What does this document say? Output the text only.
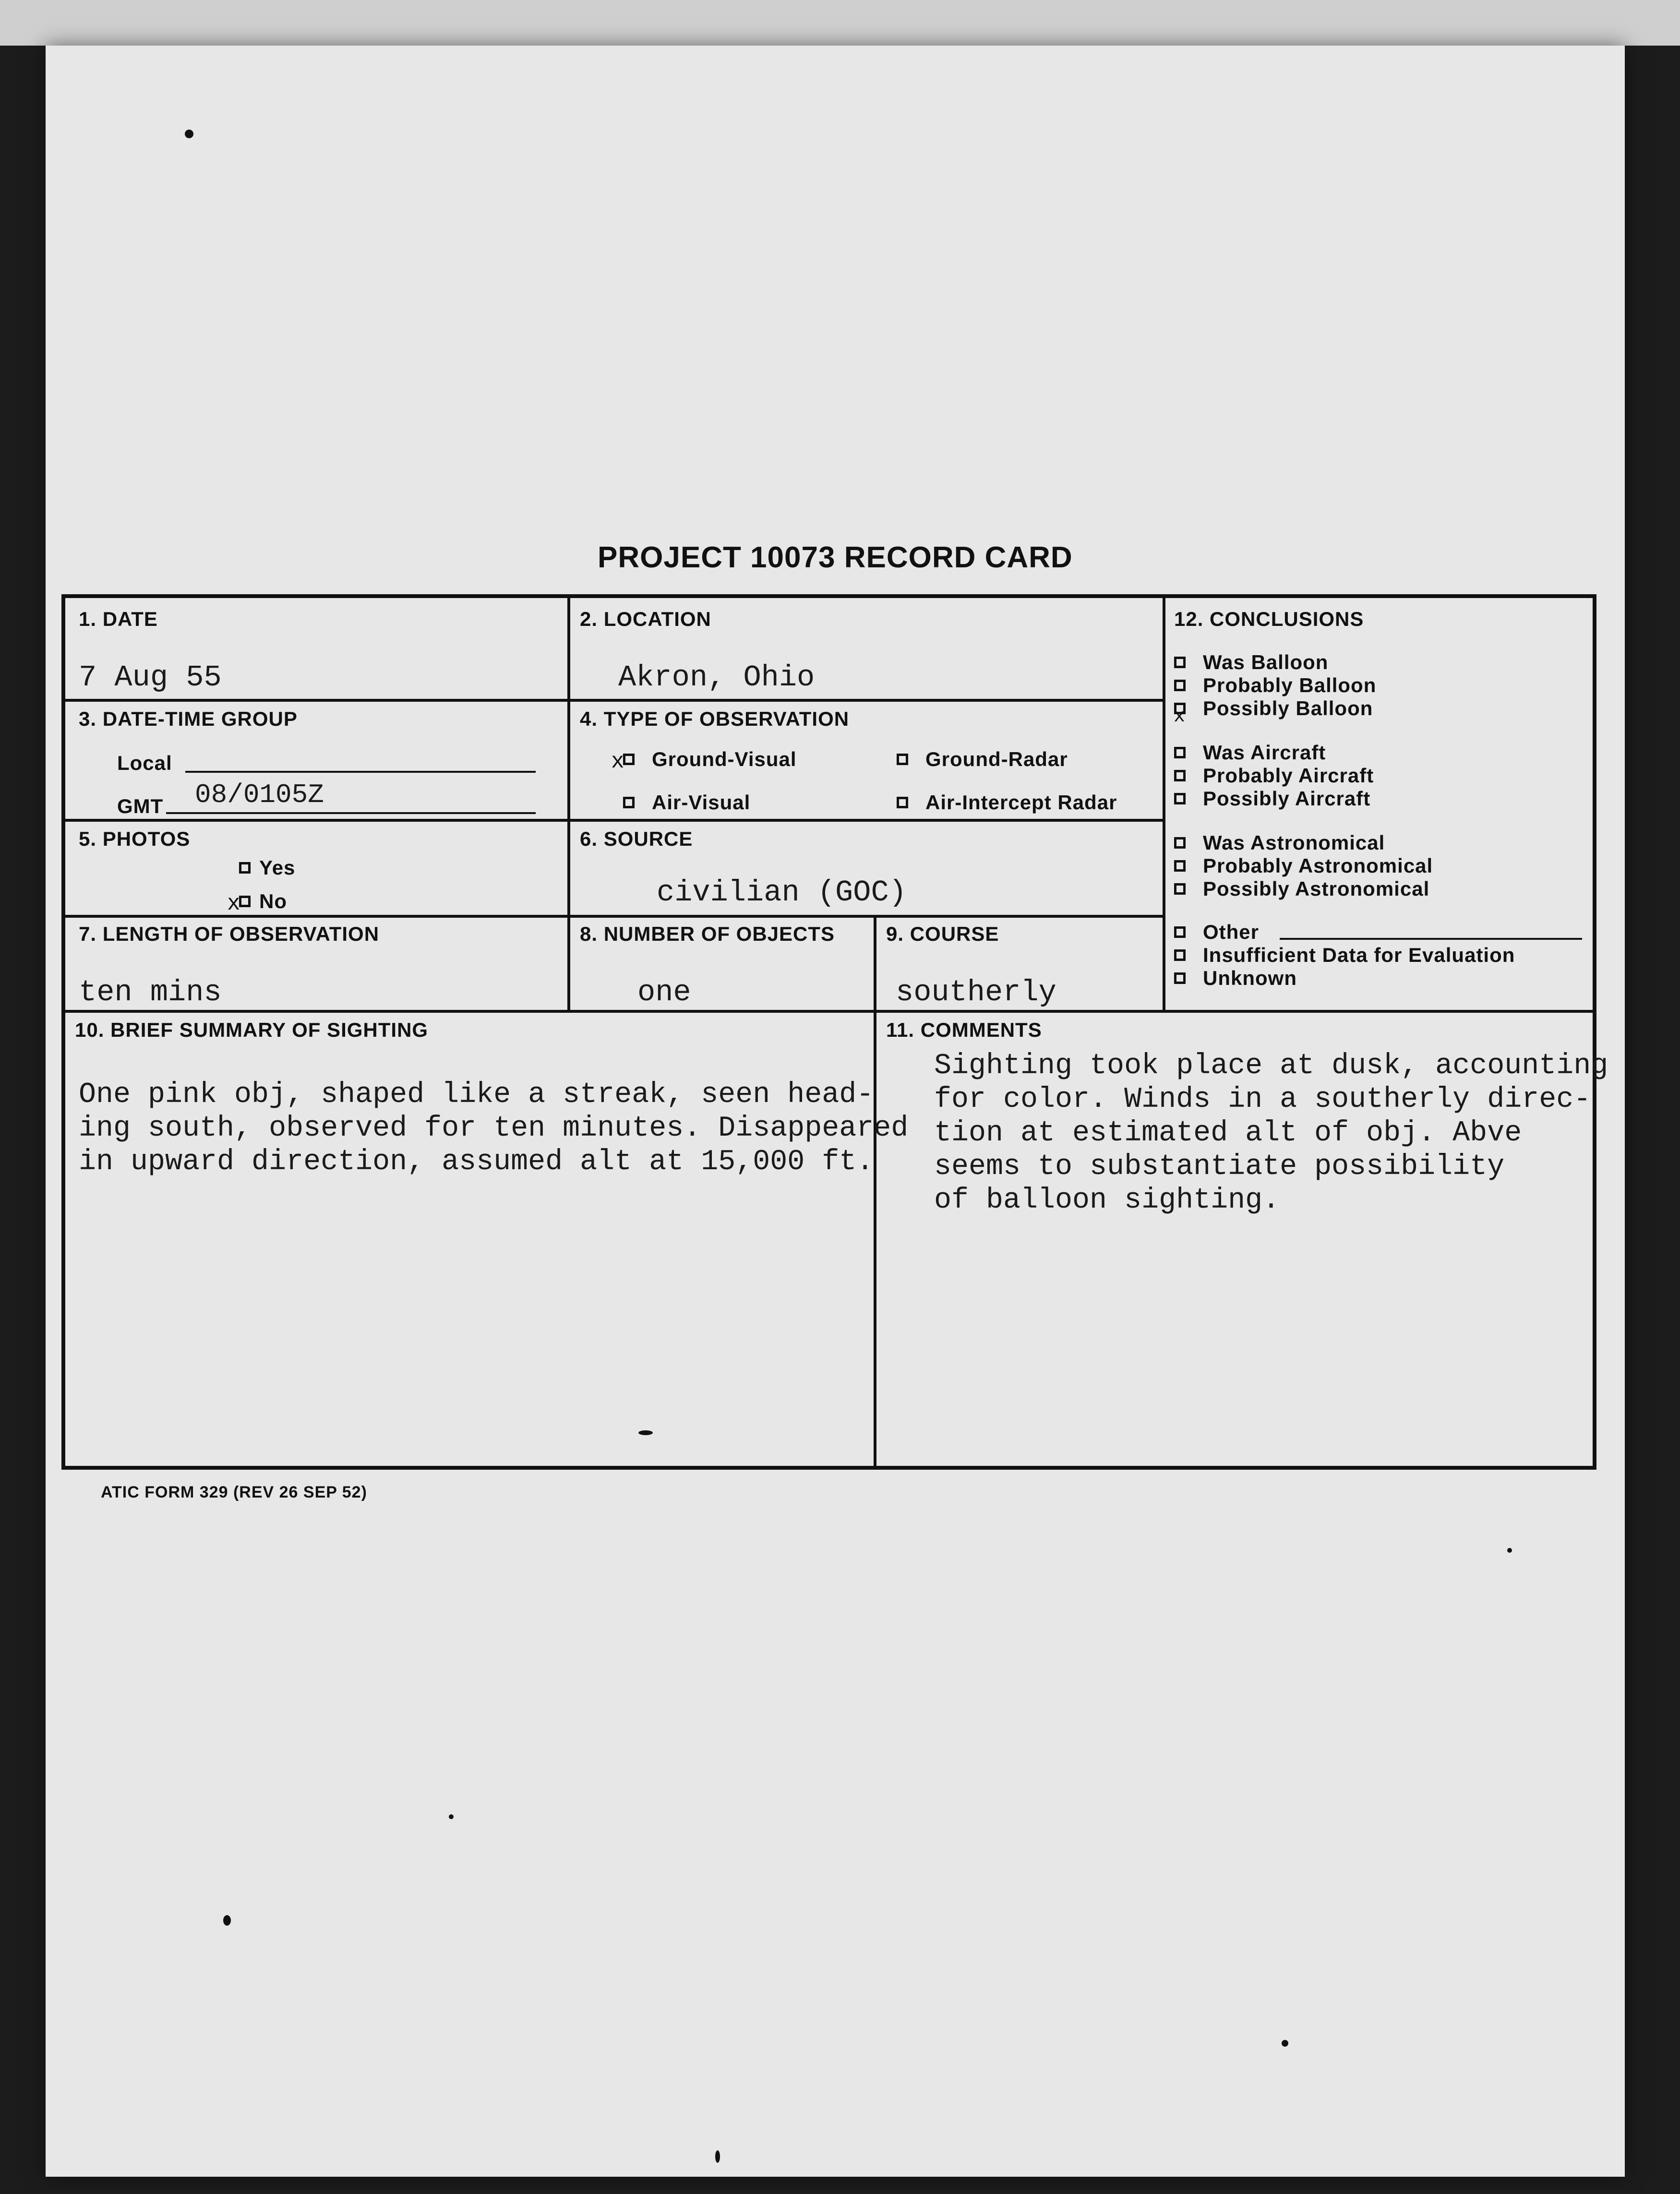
PROJECT 10073 RECORD CARD
1. DATE
7 Aug 55
2. LOCATION
Akron, Ohio
3. DATE-TIME GROUP
Local
GMT 08/0105Z
4. TYPE OF OBSERVATION
x
Ground-Visual	Ground-Radar
Air-Visual	Air-Intercept Radar
5. PHOTOS
Yes
x
No
6. SOURCE
civilian (GOC)
7. LENGTH OF OBSERVATION
ten mins
8. NUMBER OF OBJECTS
one
9. COURSE
southerly
10. BRIEF SUMMARY OF SIGHTING
One pink obj, shaped like a streak, seen head-
ing south, observed for ten minutes. Disappeared
in upward direction, assumed alt at 15,000 ft.
11. COMMENTS
Sighting took place at dusk, accounting
for color. Winds in a southerly direc-
tion at estimated alt of obj. Abve
seems to substantiate possibility
of balloon sighting.
12. CONCLUSIONS
Was Balloon
Probably Balloon
x
Possibly Balloon
Was Aircraft
Probably Aircraft
Possibly Aircraft
Was Astronomical
Probably Astronomical
Possibly Astronomical
Other
Insufficient Data for Evaluation
Unknown
ATIC FORM 329 (REV 26 SEP 52)
